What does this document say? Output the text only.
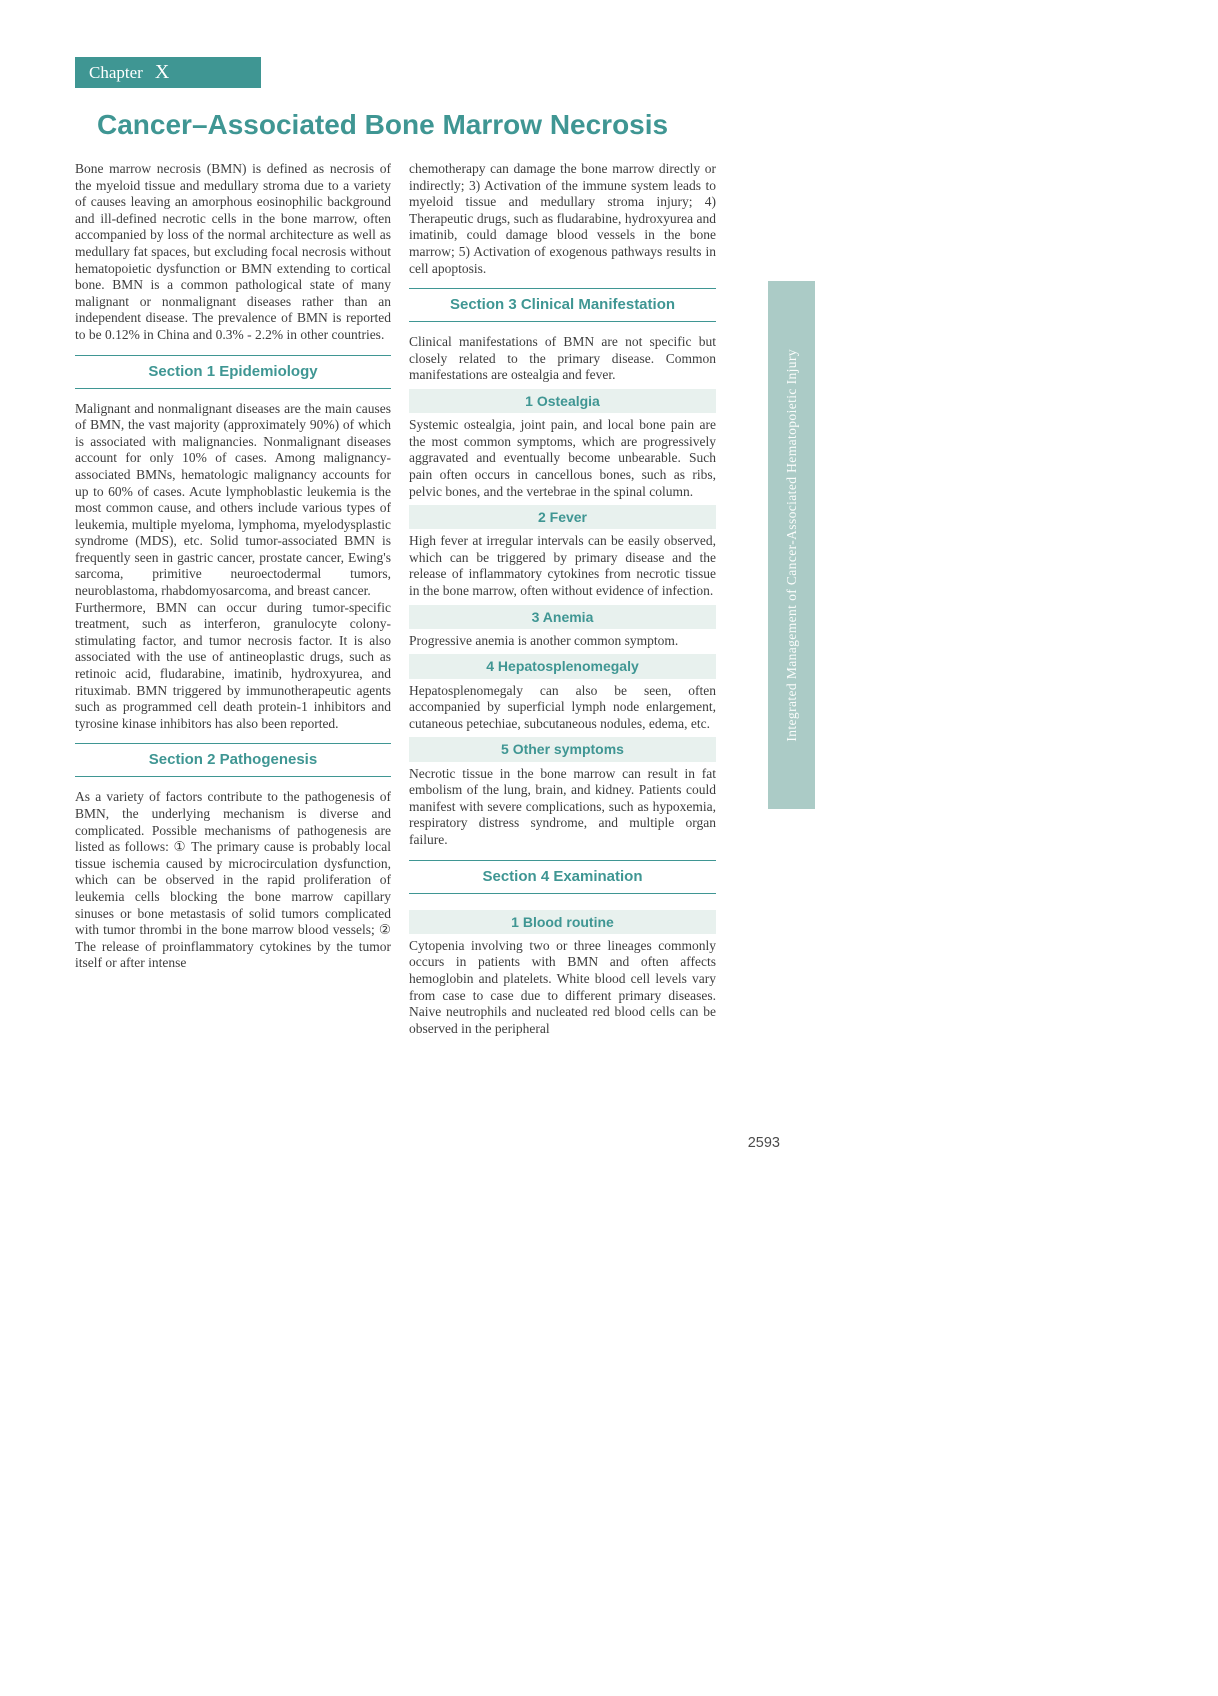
Chapter X
Cancer–Associated Bone Marrow Necrosis

Bone marrow necrosis (BMN) is defined as necrosis of the myeloid tissue and medullary stroma due to a variety of causes leaving an amorphous eosinophilic background and ill-defined necrotic cells in the bone marrow, often accompanied by loss of the normal architecture as well as medullary fat spaces, but excluding focal necrosis without hematopoietic dysfunction or BMN extending to cortical bone. BMN is a common pathological state of many malignant or nonmalignant diseases rather than an independent disease. The prevalence of BMN is reported to be 0.12% in China and 0.3% - 2.2% in other countries.

Section 1 Epidemiology

Malignant and nonmalignant diseases are the main causes of BMN, the vast majority (approximately 90%) of which is associated with malignancies. Nonmalignant diseases account for only 10% of cases. Among malignancy-associated BMNs, hematologic malignancy accounts for up to 60% of cases. Acute lymphoblastic leukemia is the most common cause, and others include various types of leukemia, multiple myeloma, lymphoma, myelodysplastic syndrome (MDS), etc. Solid tumor-associated BMN is frequently seen in gastric cancer, prostate cancer, Ewing's sarcoma, primitive neuroectodermal tumors, neuroblastoma, rhabdomyosarcoma, and breast cancer.

Furthermore, BMN can occur during tumor-specific treatment, such as interferon, granulocyte colony-stimulating factor, and tumor necrosis factor. It is also associated with the use of antineoplastic drugs, such as retinoic acid, fludarabine, imatinib, hydroxyurea, and rituximab. BMN triggered by immunotherapeutic agents such as programmed cell death protein-1 inhibitors and tyrosine kinase inhibitors has also been reported.

Section 2 Pathogenesis

As a variety of factors contribute to the pathogenesis of BMN, the underlying mechanism is diverse and complicated. Possible mechanisms of pathogenesis are listed as follows: ① The primary cause is probably local tissue ischemia caused by microcirculation dysfunction, which can be observed in the rapid proliferation of leukemia cells blocking the bone marrow capillary sinuses or bone metastasis of solid tumors complicated with tumor thrombi in the bone marrow blood vessels; ② The release of proinflammatory cytokines by the tumor itself or after intense

chemotherapy can damage the bone marrow directly or indirectly; 3) Activation of the immune system leads to myeloid tissue and medullary stroma injury; 4) Therapeutic drugs, such as fludarabine, hydroxyurea and imatinib, could damage blood vessels in the bone marrow; 5) Activation of exogenous pathways results in cell apoptosis.

Section 3 Clinical Manifestation

Clinical manifestations of BMN are not specific but closely related to the primary disease. Common manifestations are ostealgia and fever.

1 Ostealgia

Systemic ostealgia, joint pain, and local bone pain are the most common symptoms, which are progressively aggravated and eventually become unbearable. Such pain often occurs in cancellous bones, such as ribs, pelvic bones, and the vertebrae in the spinal column.

2 Fever

High fever at irregular intervals can be easily observed, which can be triggered by primary disease and the release of inflammatory cytokines from necrotic tissue in the bone marrow, often without evidence of infection.

3 Anemia

Progressive anemia is another common symptom.

4 Hepatosplenomegaly

Hepatosplenomegaly can also be seen, often accompanied by superficial lymph node enlargement, cutaneous petechiae, subcutaneous nodules, edema, etc.

5 Other symptoms

Necrotic tissue in the bone marrow can result in fat embolism of the lung, brain, and kidney. Patients could manifest with severe complications, such as hypoxemia, respiratory distress syndrome, and multiple organ failure.

Section 4 Examination
1 Blood routine

Cytopenia involving two or three lineages commonly occurs in patients with BMN and often affects hemoglobin and platelets. White blood cell levels vary from case to case due to different primary diseases. Naive neutrophils and nucleated red blood cells can be observed in the peripheral

Integrated Management of Cancer-Associated Hematopoietic Injury
2593
